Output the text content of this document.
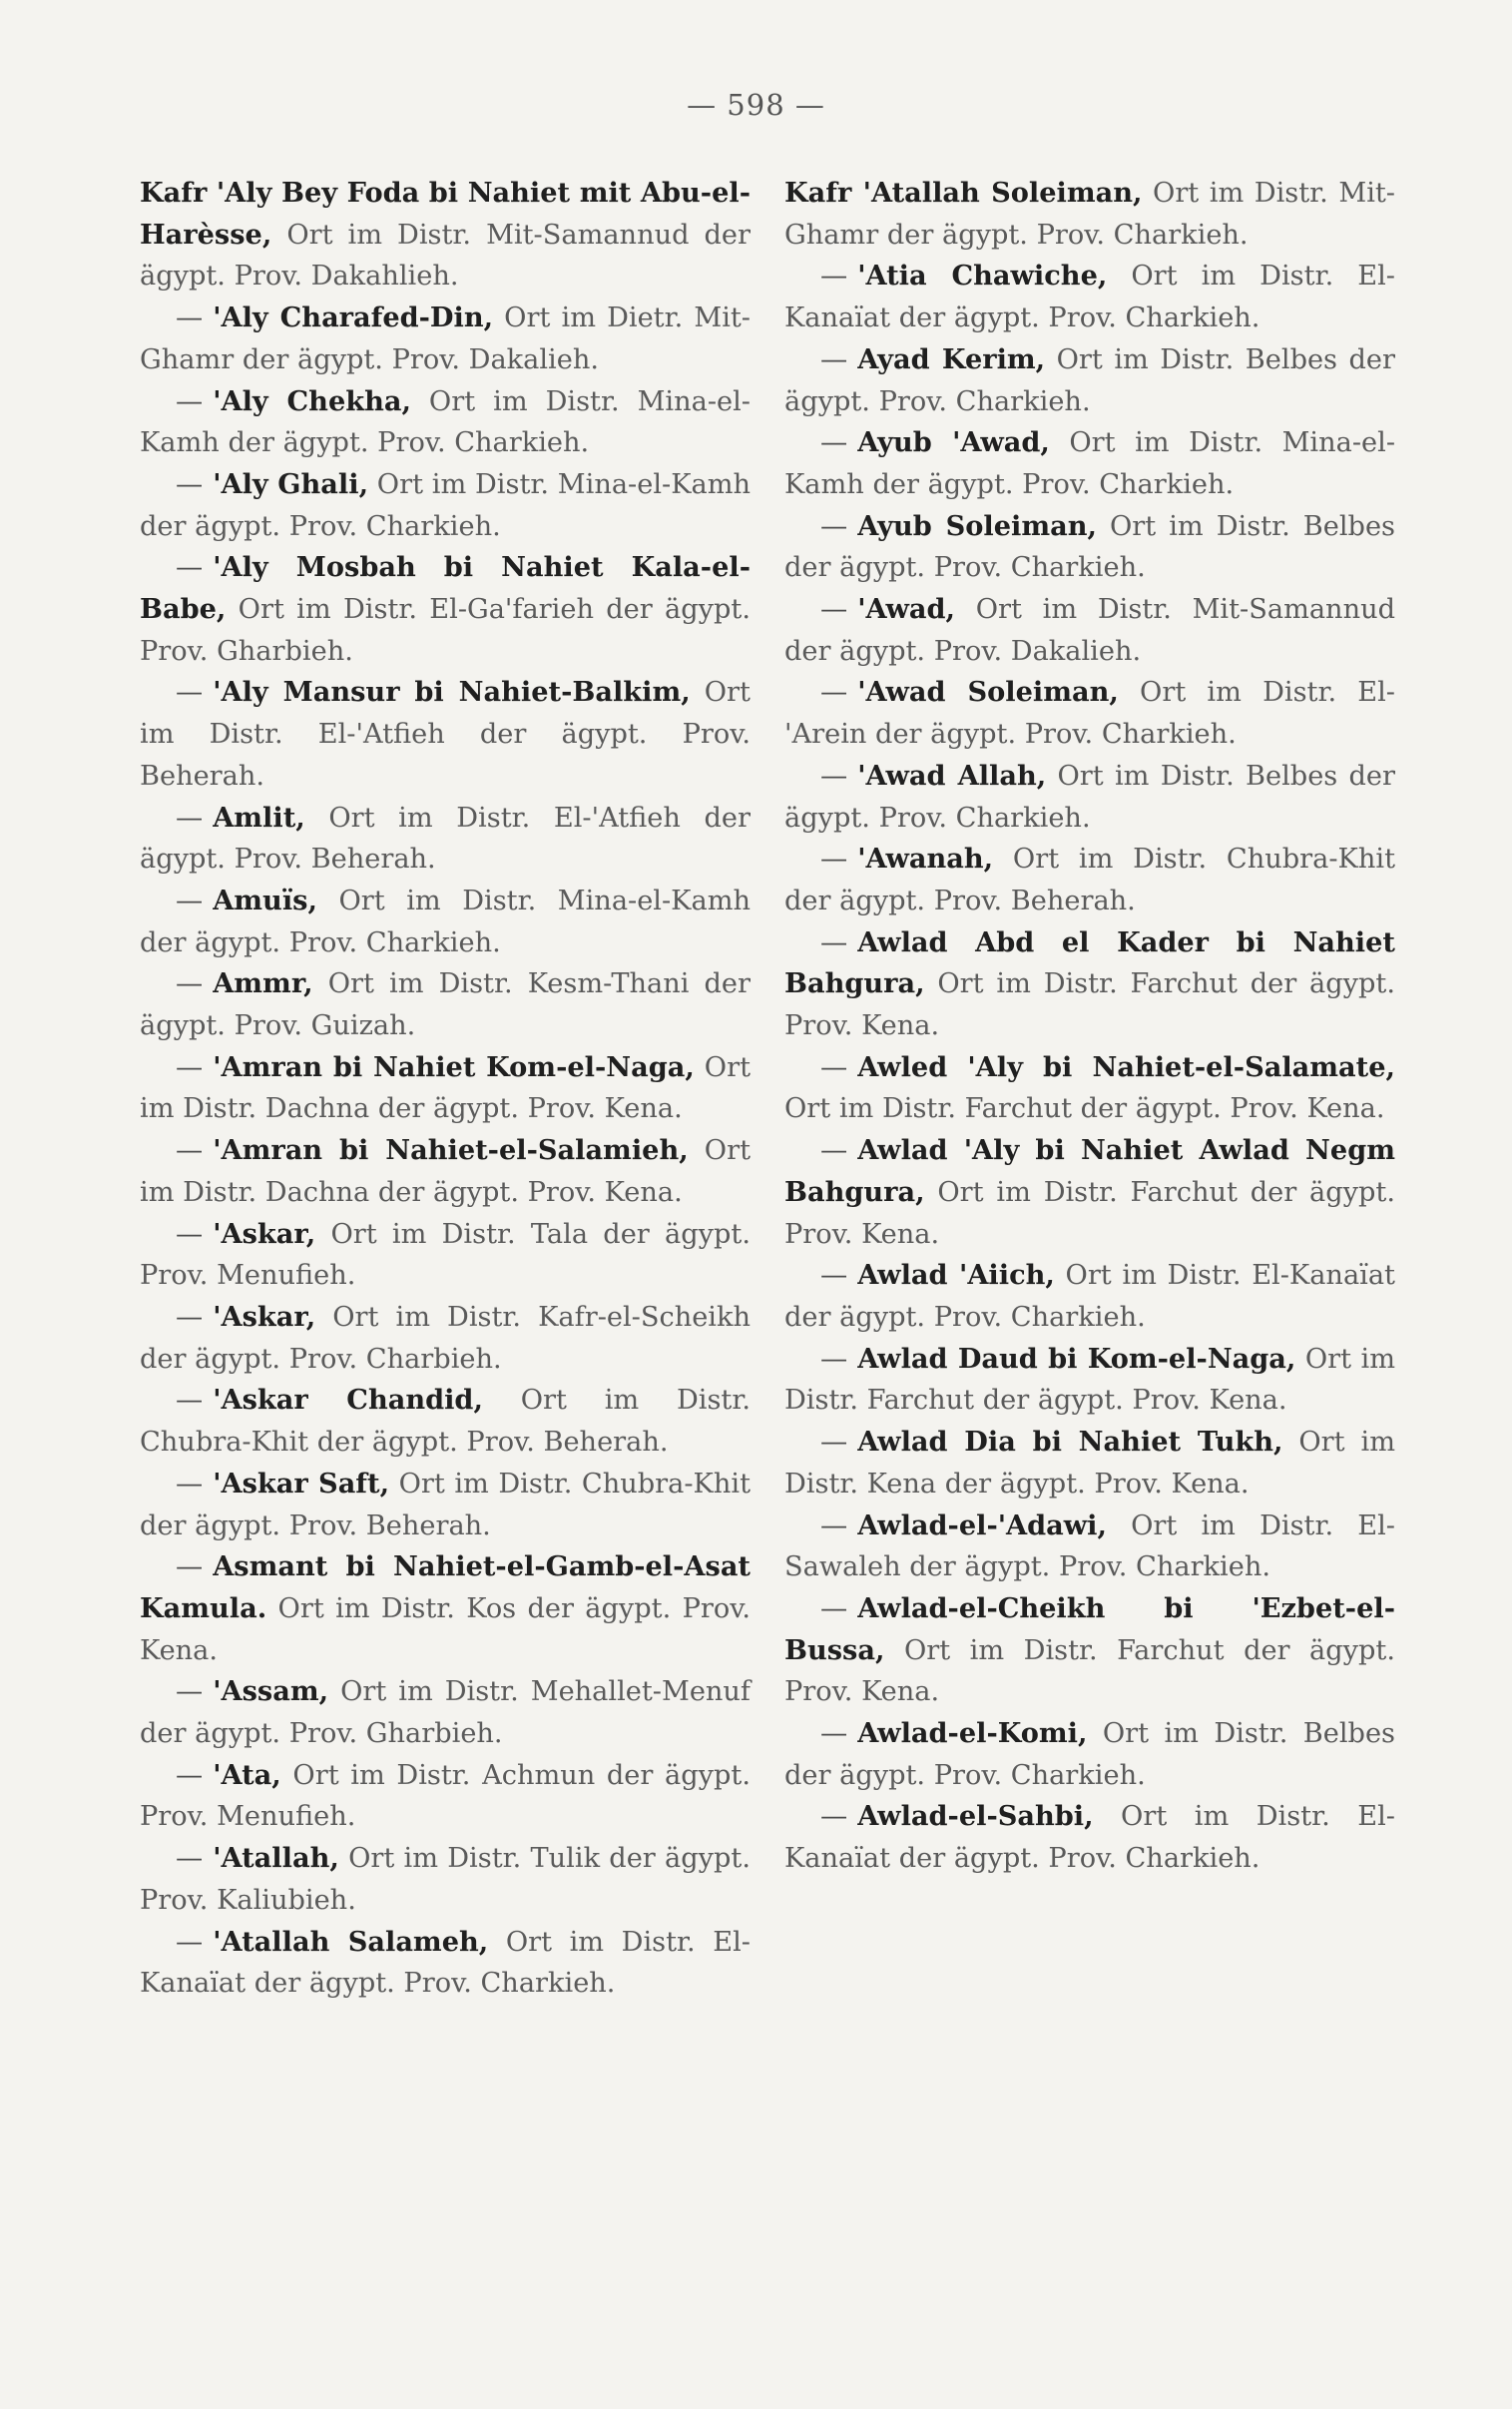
— 598 —

Kafr 'Aly Bey Foda bi Nahiet mit Abu-el-Harèsse, Ort im Distr. Mit-Samannud der ägypt. Prov. Dakahlieh.

— 'Aly Charafed-Din, Ort im Dietr. Mit-Ghamr der ägypt. Prov. Dakalieh.

— 'Aly Chekha, Ort im Distr. Mina-el-Kamh der ägypt. Prov. Charkieh.

— 'Aly Ghali, Ort im Distr. Mina-el-Kamh der ägypt. Prov. Charkieh.

— 'Aly Mosbah bi Nahiet Kala-el-Babe, Ort im Distr. El-Ga'farieh der ägypt. Prov. Gharbieh.

— 'Aly Mansur bi Nahiet-Balkim, Ort im Distr. El-'Atfieh der ägypt. Prov. Beherah.

— Amlit, Ort im Distr. El-'Atfieh der ägypt. Prov. Beherah.

— Amuïs, Ort im Distr. Mina-el-Kamh der ägypt. Prov. Charkieh.

— Ammr, Ort im Distr. Kesm-Thani der ägypt. Prov. Guizah.

— 'Amran bi Nahiet Kom-el-Naga, Ort im Distr. Dachna der ägypt. Prov. Kena.

— 'Amran bi Nahiet-el-Salamieh, Ort im Distr. Dachna der ägypt. Prov. Kena.

— 'Askar, Ort im Distr. Tala der ägypt. Prov. Menufieh.

— 'Askar, Ort im Distr. Kafr-el-Scheikh der ägypt. Prov. Charbieh.

— 'Askar Chandid, Ort im Distr. Chubra-Khit der ägypt. Prov. Beherah.

— 'Askar Saft, Ort im Distr. Chubra-Khit der ägypt. Prov. Beherah.

— Asmant bi Nahiet-el-Gamb-el-Asat Kamula. Ort im Distr. Kos der ägypt. Prov. Kena.

— 'Assam, Ort im Distr. Mehallet-Menuf der ägypt. Prov. Gharbieh.

— 'Ata, Ort im Distr. Achmun der ägypt. Prov. Menufieh.

— 'Atallah, Ort im Distr. Tulik der ägypt. Prov. Kaliubieh.

— 'Atallah Salameh, Ort im Distr. El-Kanaïat der ägypt. Prov. Charkieh.

Kafr 'Atallah Soleiman, Ort im Distr. Mit-Ghamr der ägypt. Prov. Charkieh.

— 'Atia Chawiche, Ort im Distr. El-Kanaïat der ägypt. Prov. Charkieh.

— Ayad Kerim, Ort im Distr. Belbes der ägypt. Prov. Charkieh.

— Ayub 'Awad, Ort im Distr. Mina-el-Kamh der ägypt. Prov. Charkieh.

— Ayub Soleiman, Ort im Distr. Belbes der ägypt. Prov. Charkieh.

— 'Awad, Ort im Distr. Mit-Samannud der ägypt. Prov. Dakalieh.

— 'Awad Soleiman, Ort im Distr. El-'Arein der ägypt. Prov. Charkieh.

— 'Awad Allah, Ort im Distr. Belbes der ägypt. Prov. Charkieh.

— 'Awanah, Ort im Distr. Chubra-Khit der ägypt. Prov. Beherah.

— Awlad Abd el Kader bi Nahiet Bahgura, Ort im Distr. Farchut der ägypt. Prov. Kena.

— Awled 'Aly bi Nahiet-el-Salamate, Ort im Distr. Farchut der ägypt. Prov. Kena.

— Awlad 'Aly bi Nahiet Awlad Negm Bahgura, Ort im Distr. Farchut der ägypt. Prov. Kena.

— Awlad 'Aiich, Ort im Distr. El-Kanaïat der ägypt. Prov. Charkieh.

— Awlad Daud bi Kom-el-Naga, Ort im Distr. Farchut der ägypt. Prov. Kena.

— Awlad Dia bi Nahiet Tukh, Ort im Distr. Kena der ägypt. Prov. Kena.

— Awlad-el-'Adawi, Ort im Distr. El-Sawaleh der ägypt. Prov. Charkieh.

— Awlad-el-Cheikh bi 'Ezbet-el-Bussa, Ort im Distr. Farchut der ägypt. Prov. Kena.

— Awlad-el-Komi, Ort im Distr. Belbes der ägypt. Prov. Charkieh.

— Awlad-el-Sahbi, Ort im Distr. El-Kanaïat der ägypt. Prov. Charkieh.
